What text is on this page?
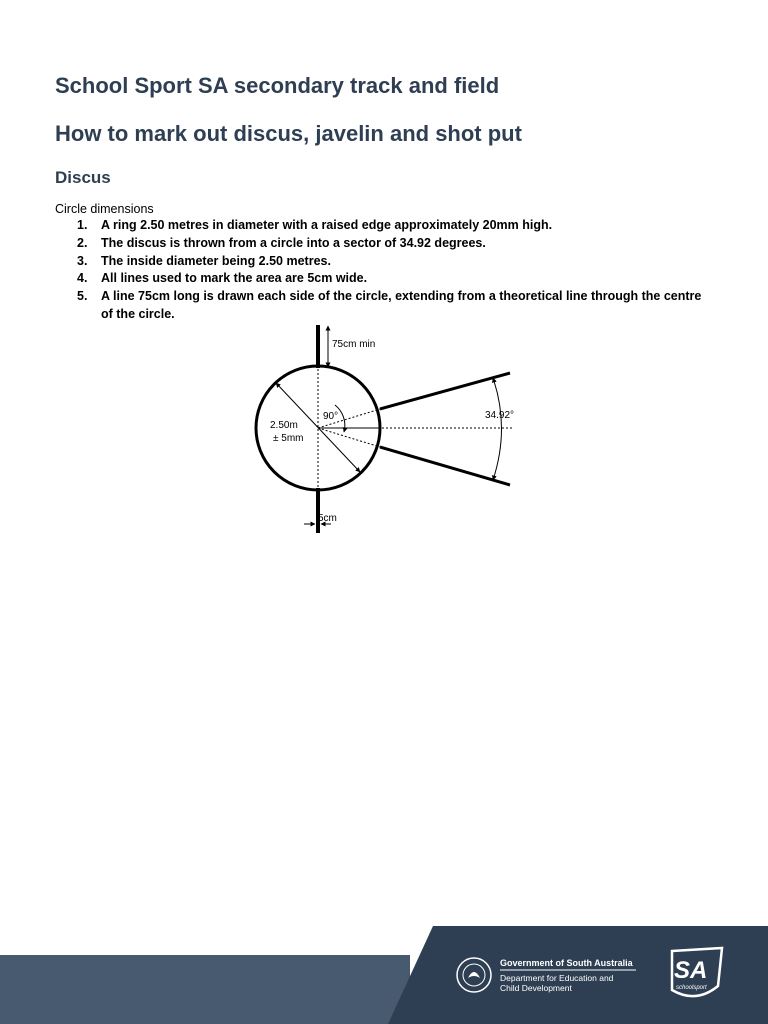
School Sport SA secondary track and field
How to mark out discus, javelin and shot put
Discus
Circle dimensions
1. A ring 2.50 metres in diameter with a raised edge approximately 20mm high.
2. The discus is thrown from a circle into a sector of 34.92 degrees.
3. The inside diameter being 2.50 metres.
4. All lines used to mark the area are 5cm wide.
5. A line 75cm long is drawn each side of the circle, extending from a theoretical line through the centre of the circle.
75cm min
90°
2.50m
± 5mm
34.92°
5cm
Government of South Australia
Department for Education and
Child Development
SA
schoolsport
